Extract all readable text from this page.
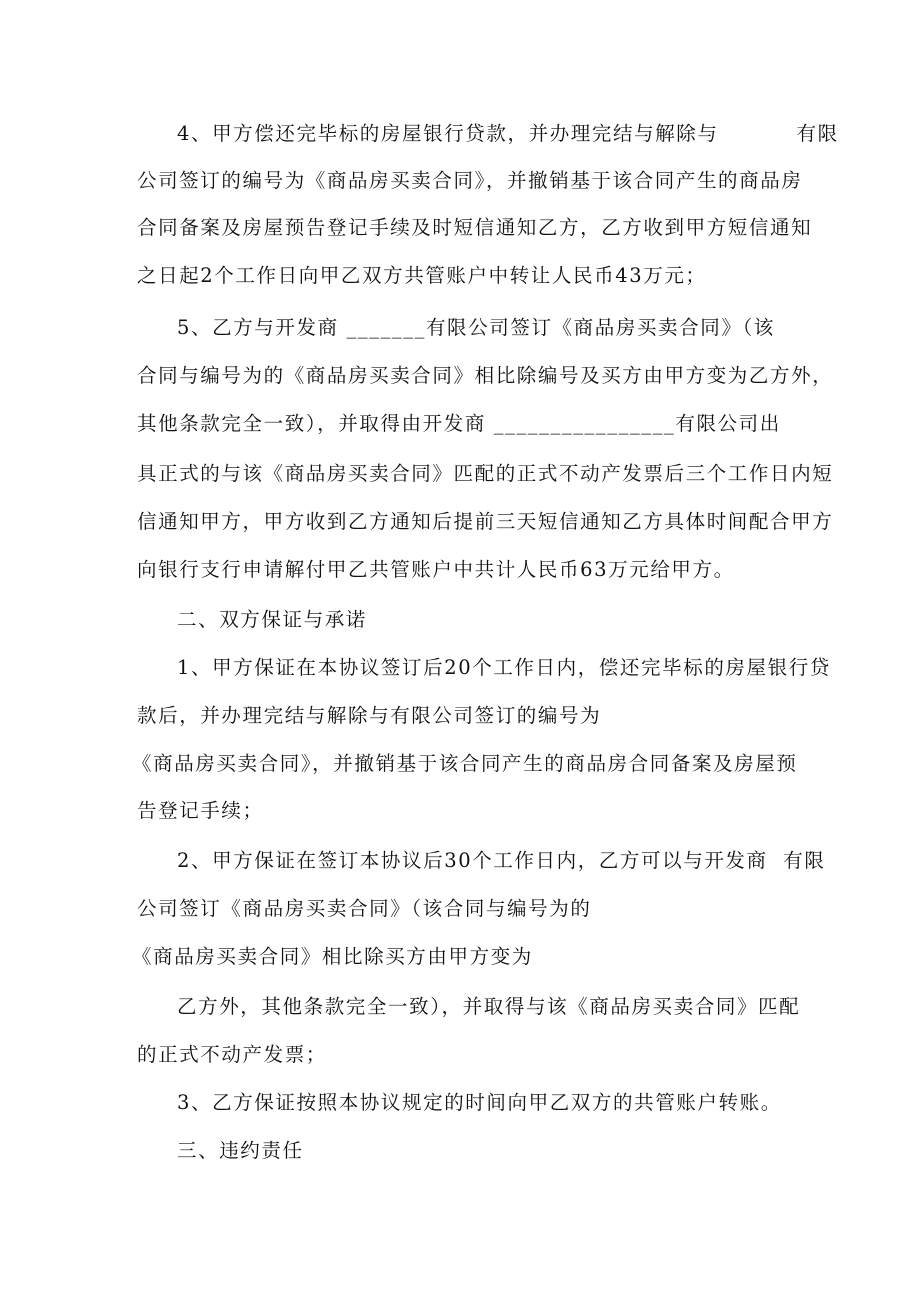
4、甲方偿还完毕标的房屋银行贷款，并办理完结与解除与          有限
公司签订的编号为《商品房买卖合同》，并撤销基于该合同产生的商品房
合同备案及房屋预告登记手续及时短信通知乙方，乙方收到甲方短信通知
之日起2个工作日向甲乙双方共管账户中转让人民币43万元；
5、乙方与开发商 _______有限公司签订《商品房买卖合同》（该
合同与编号为的《商品房买卖合同》相比除编号及买方由甲方变为乙方外，
其他条款完全一致），并取得由开发商 ________________有限公司出
具正式的与该《商品房买卖合同》匹配的正式不动产发票后三个工作日内短
信通知甲方，甲方收到乙方通知后提前三天短信通知乙方具体时间配合甲方
向银行支行申请解付甲乙共管账户中共计人民币63万元给甲方。
二、双方保证与承诺
1、甲方保证在本协议签订后20个工作日内，偿还完毕标的房屋银行贷
款后，并办理完结与解除与有限公司签订的编号为
《商品房买卖合同》，并撤销基于该合同产生的商品房合同备案及房屋预
告登记手续；
2、甲方保证在签订本协议后30个工作日内，乙方可以与开发商  有限
公司签订《商品房买卖合同》（该合同与编号为的
《商品房买卖合同》相比除买方由甲方变为
乙方外，其他条款完全一致），并取得与该《商品房买卖合同》匹配
的正式不动产发票；
3、乙方保证按照本协议规定的时间向甲乙双方的共管账户转账。
三、违约责任
